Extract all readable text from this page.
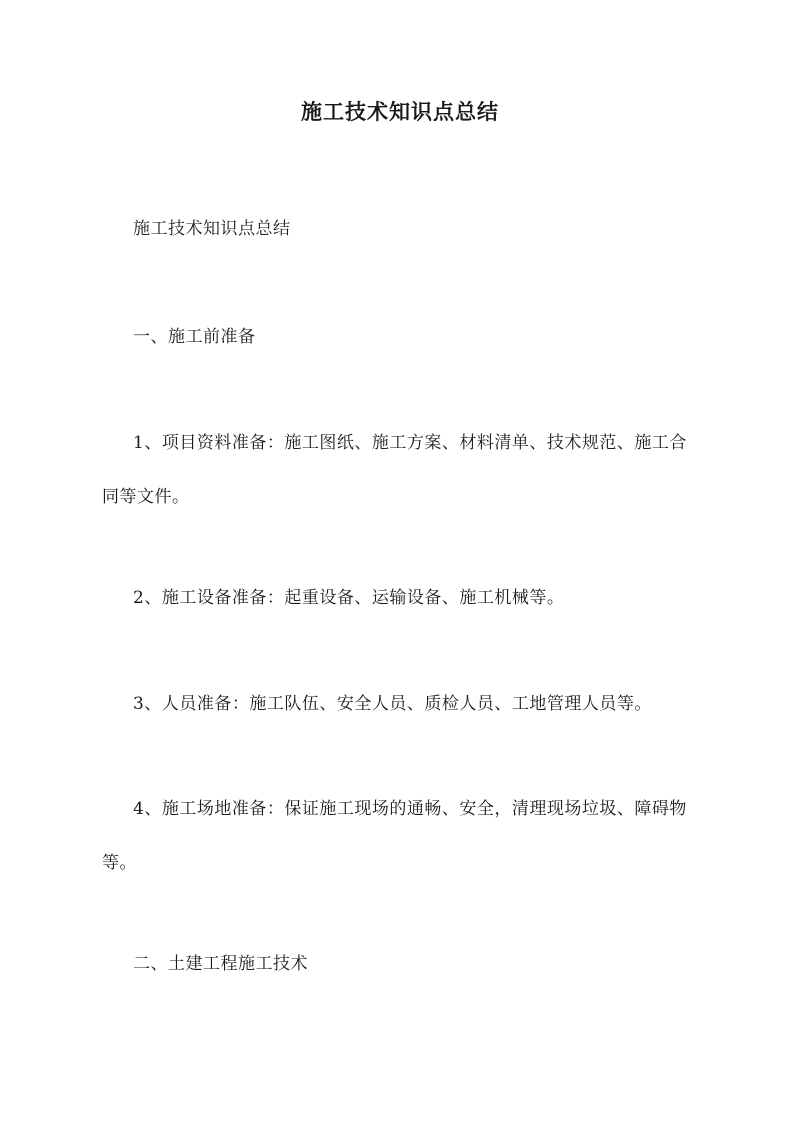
施工技术知识点总结
施工技术知识点总结
一、施工前准备
1、项目资料准备：施工图纸、施工方案、材料清单、技术规范、施工合同等文件。
2、施工设备准备：起重设备、运输设备、施工机械等。
3、人员准备：施工队伍、安全人员、质检人员、工地管理人员等。
4、施工场地准备：保证施工现场的通畅、安全，清理现场垃圾、障碍物等。
二、土建工程施工技术
